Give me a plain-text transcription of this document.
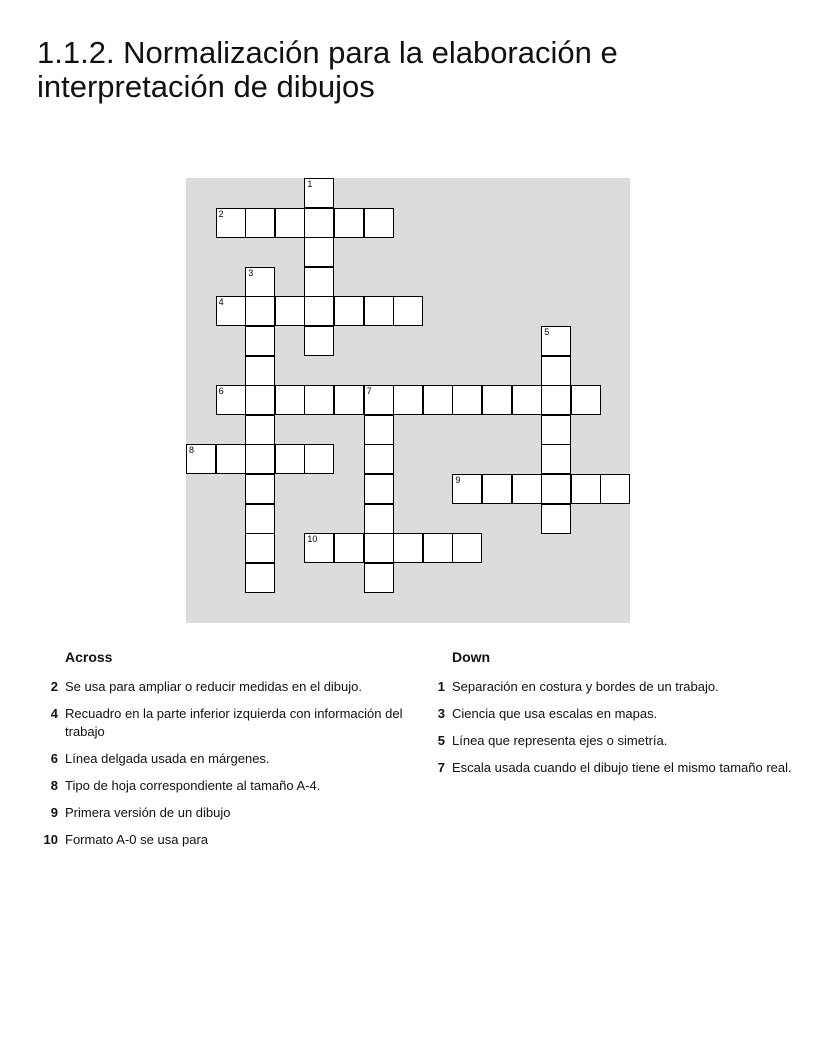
1.1.2. Normalización para la elaboración e interpretación de dibujos
1
2
3
4
5
6	7
8
9
10
Across
2 Se usa para ampliar o reducir medidas en el dibujo.
4 Recuadro en la parte inferior izquierda con información del trabajo
6 Línea delgada usada en márgenes.
8 Tipo de hoja correspondiente al tamaño A-4.
9 Primera versión de un dibujo
10 Formato A-0 se usa para
Down
1 Separación en costura y bordes de un trabajo.
3 Ciencia que usa escalas en mapas.
5 Línea que representa ejes o simetría.
7 Escala usada cuando el dibujo tiene el mismo tamaño real.
